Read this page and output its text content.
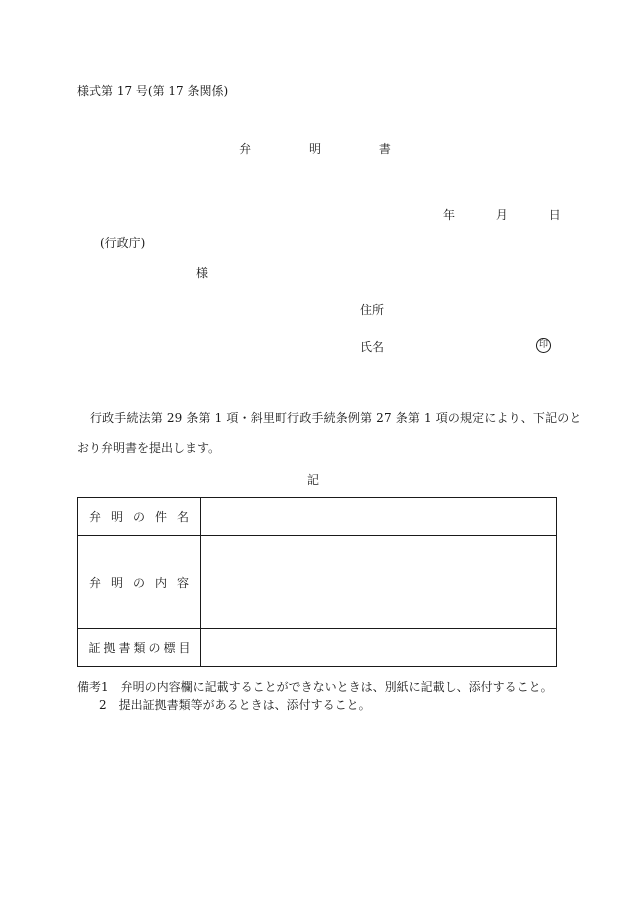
様式第 17 号(第 17 条関係)
弁	明	書
年	月	日
(行政庁)
様
住所
氏名	印
行政手続法第 29 条第 1 項・斜里町行政手続条例第 27 条第 1 項の規定により、下記のと
おり弁明書を提出します。
記
弁 明 の 件 名	
弁 明 の 内 容	
証 拠 書 類 の 標 目	
備考1　弁明の内容欄に記載することができないときは、別紙に記載し、添付すること。
2　提出証拠書類等があるときは、添付すること。
